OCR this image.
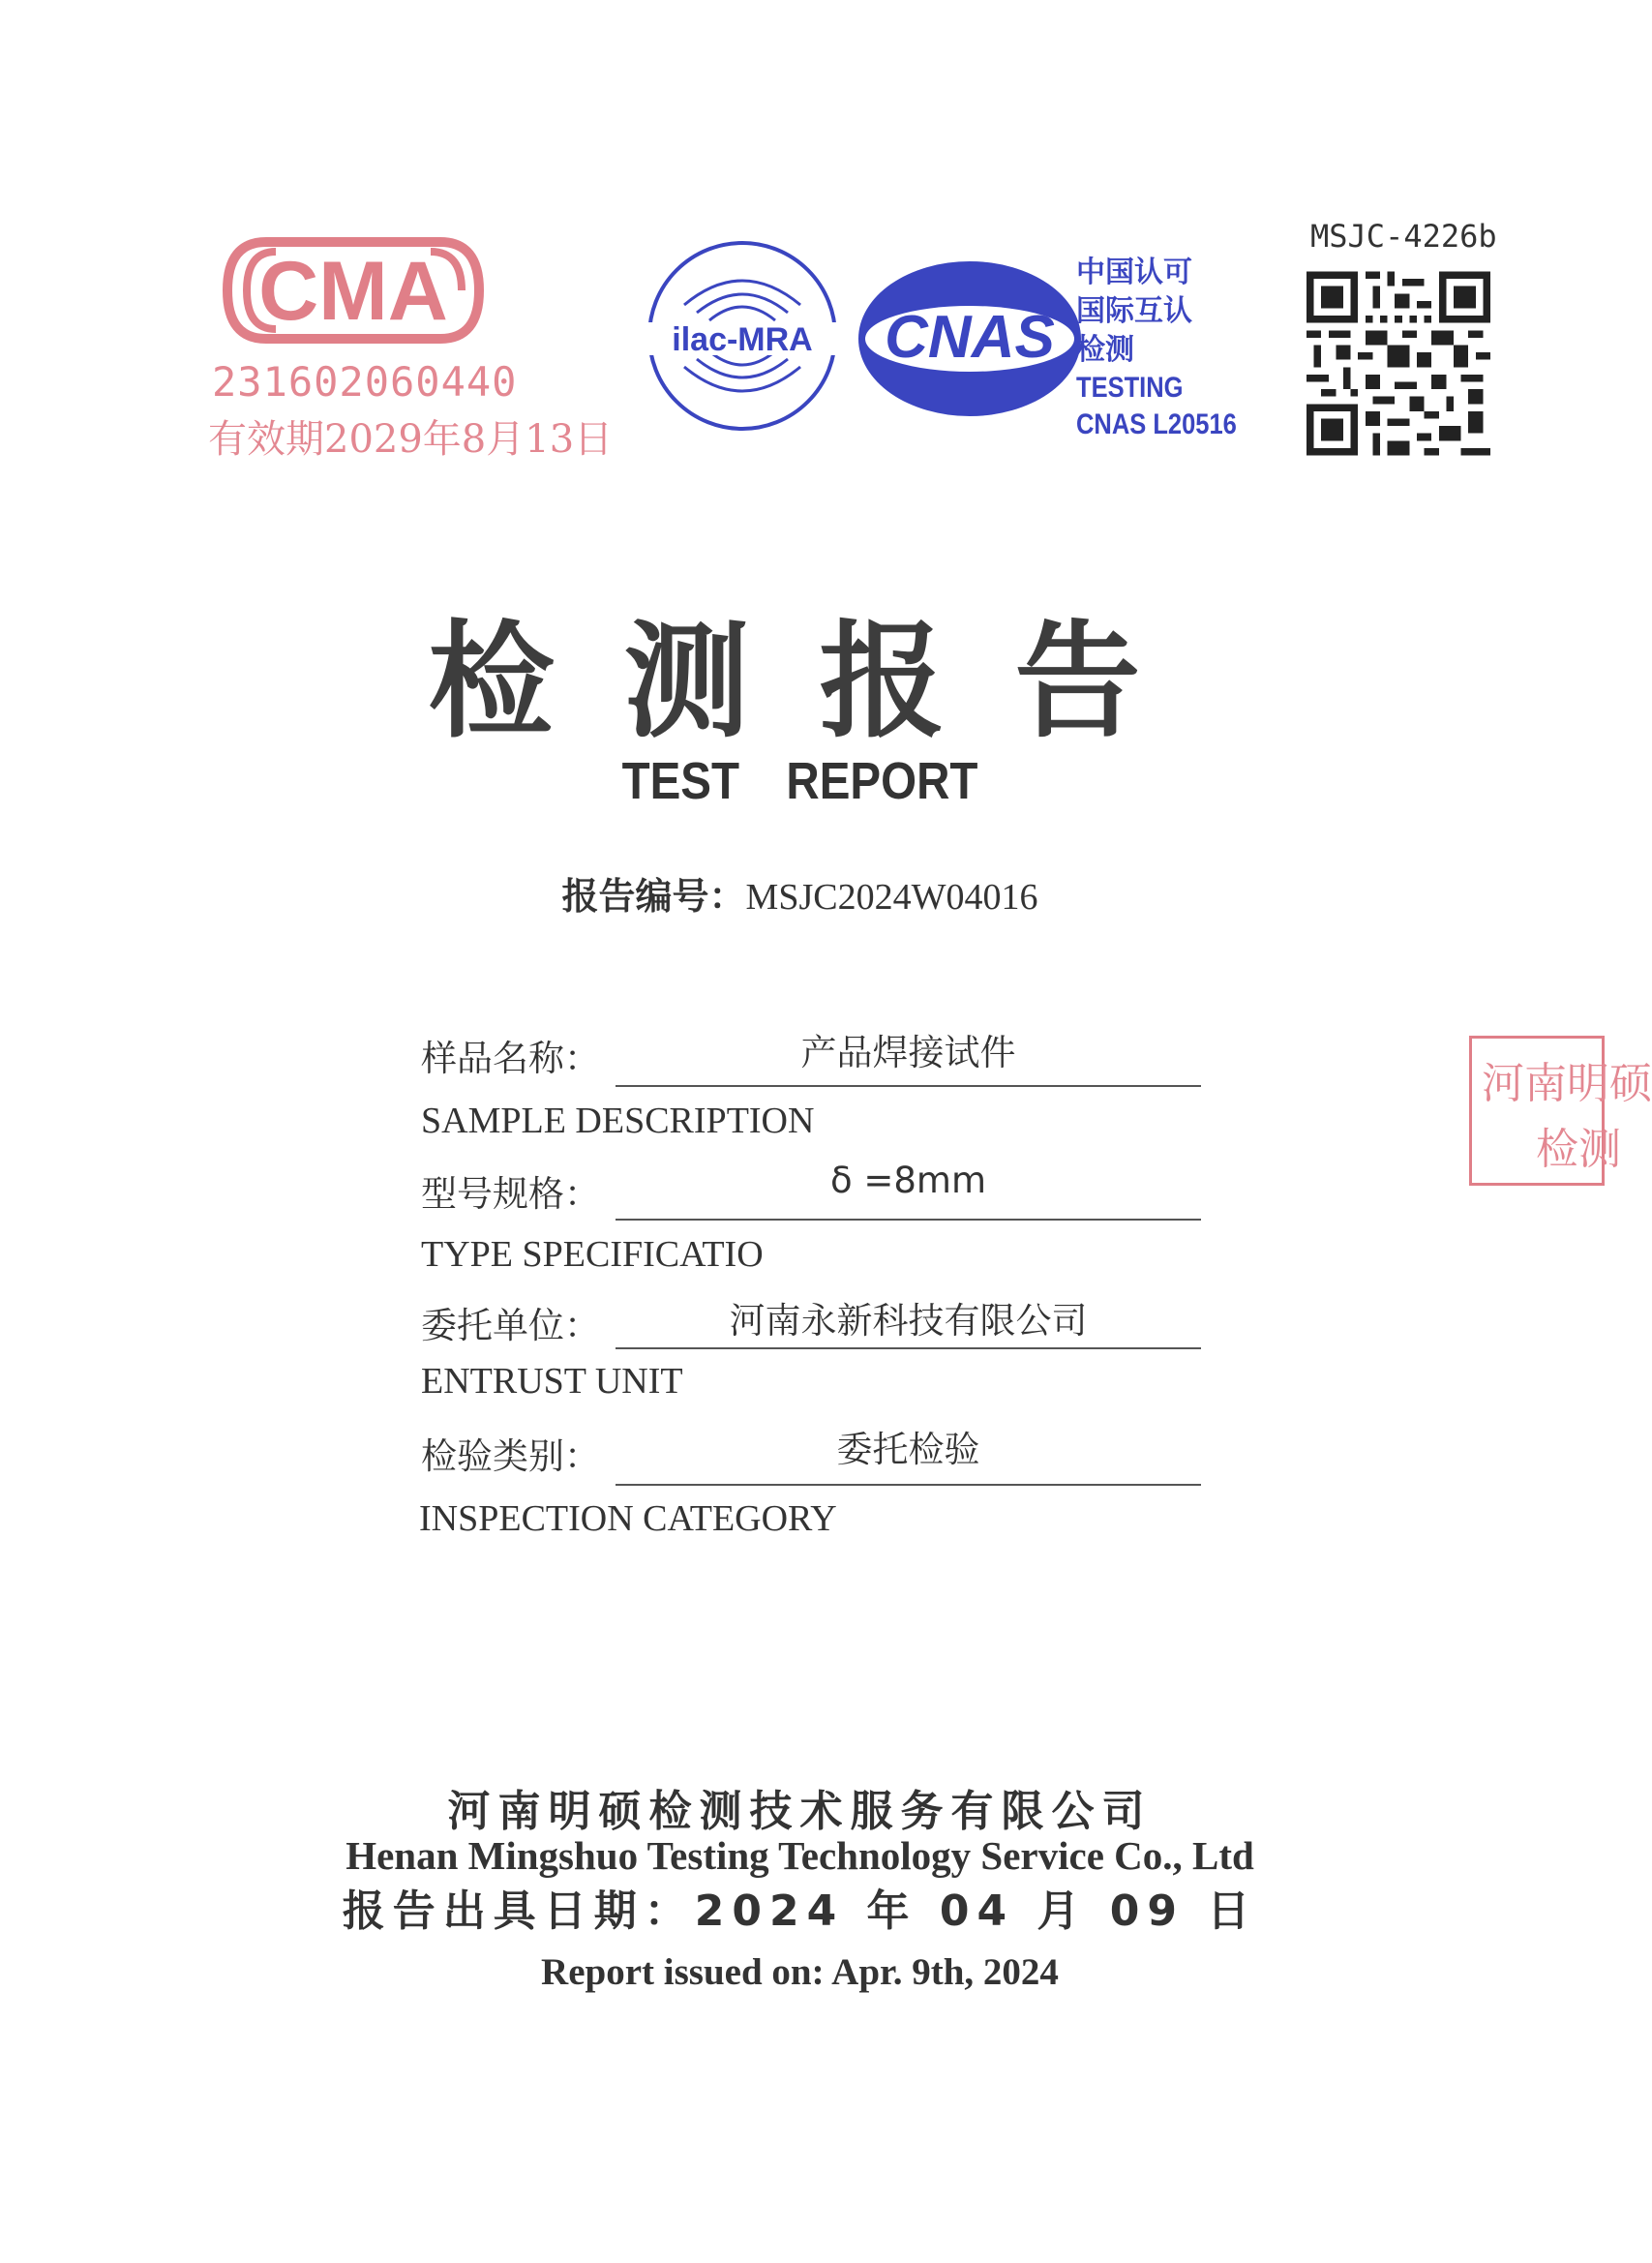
CMA
231602060440
有效期2029年8月13日
ilac-MRA CNAS
中国认可
国际互认
检测
TESTING
CNAS L20516
MSJC-4226b
检测报告
TEST REPORT
报告编号：MSJC2024W04016
样品名称：	产品焊接试件
SAMPLE DESCRIPTION
型号规格：	δ =8mm
TYPE SPECIFICATIO
委托单位：	河南永新科技有限公司
ENTRUST UNIT
检验类别：	委托检验
INSPECTION CATEGORY
河南明硕
检测
河南明硕检测技术服务有限公司
Henan Mingshuo Testing Technology Service Co., Ltd
报告出具日期：2024 年 04 月 09 日
Report issued on: Apr. 9th, 2024
